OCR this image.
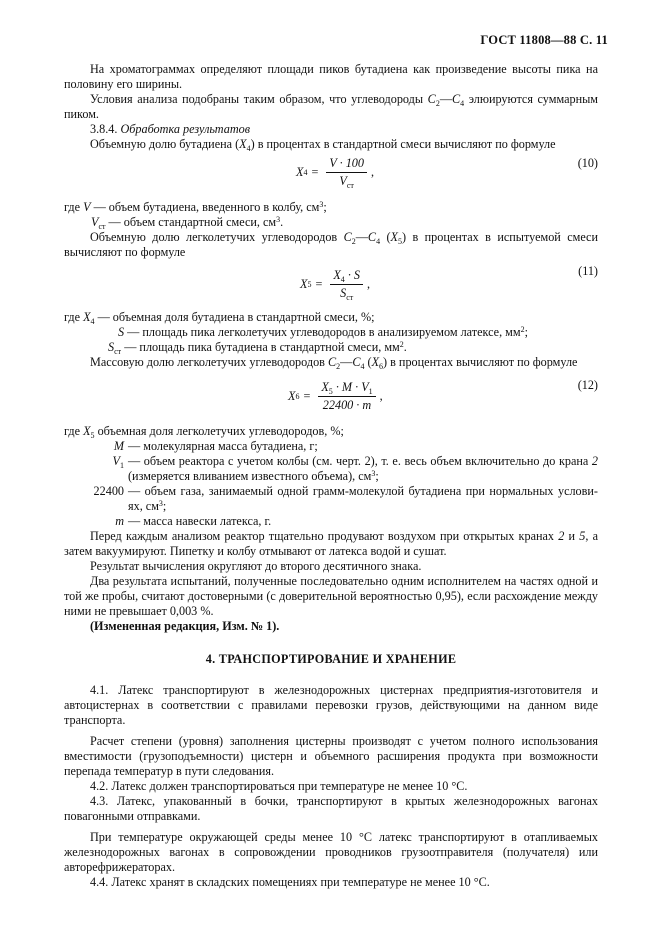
ГОСТ 11808—88 С. 11

На хроматограммах определяют площади пиков бутадиена как произведение высоты пика на половину его ширины.

Условия анализа подобраны таким образом, что углеводороды $C_2—C_4$ элюируются суммарным пиком.

3.8.4. Обработка результатов

Объемную долю бутадиена $(X_4)$ в процентах в стандартной смеси вычисляют по формуле

X $4 = \frac{V \cdot 100}{V_{ст}}$ ,
(10)

где V — объем бутадиена, введенного в колбу, $см^3$;

$V_{ст}$ — объем стандартной смеси, $см^3$.

Объемную долю легколетучих углеводородов $C_2—C_4$ $(X_5)$ в процентах в испытуемой смеси вычисляют по формуле

X $5 = \frac{X_4 \cdot S}{S_{ст}}$ ,
(11)

где $X_4$ — объемная доля бутадиена в стандартной смеси, %;

S — площадь пика легколетучих углеводородов в анализируемом латексе, $мм^2$;

$S_{ст}$ — площадь пика бутадиена в стандартной смеси, $мм^2$.

Массовую долю легколетучих углеводородов $C_2—C_4$ $(X_6)$ в процентах вычисляют по формуле

X $6 = \frac{X_5 \cdot M \cdot V_1}{22400 \cdot m}$ ,
(12)

где $X_5$ объемная доля легколетучих углеводородов, %;

M — молекулярная масса бутадиена, г;
$V_1$ — объем реактора с учетом колбы (см. черт. 2), т. е. весь объем включительно до крана 2 (измеряется вливанием известного объема), $см^3$;
22400 — объем газа, занимаемый одной грамм-молекулой бутадиена при нормальных услови-ях, $см^3$;
m — масса навески латекса, г.

Перед каждым анализом реактор тщательно продувают воздухом при открытых кранах 2 и 5, а затем вакуумируют. Пипетку и колбу отмывают от латекса водой и сушат.

Результат вычисления округляют до второго десятичного знака.

Два результата испытаний, полученные последовательно одним исполнителем на частях одной и той же пробы, считают достоверными (с доверительной вероятностью 0,95), если расхождение между ними не превышает 0,003 %.

(Измененная редакция, Изм. № 1).

4. ТРАНСПОРТИРОВАНИЕ И ХРАНЕНИЕ

4.1. Латекс транспортируют в железнодорожных цистернах предприятия-изготовителя и автоцистернах в соответствии с правилами перевозки грузов, действующими на данном виде транспорта.

Расчет степени (уровня) заполнения цистерны производят с учетом полного использования вместимости (грузоподъемности) цистерн и объемного расширения продукта при возможности перепада температур в пути следования.

4.2. Латекс должен транспортироваться при температуре не менее 10 °С.

4.3. Латекс, упакованный в бочки, транспортируют в крытых железнодорожных вагонах повагонными отправками.

При температуре окружающей среды менее 10 °С латекс транспортируют в отапливаемых железнодорожных вагонах в сопровождении проводников грузоотправителя (получателя) или авторефрижераторах.

4.4. Латекс хранят в складских помещениях при температуре не менее 10 °С.
